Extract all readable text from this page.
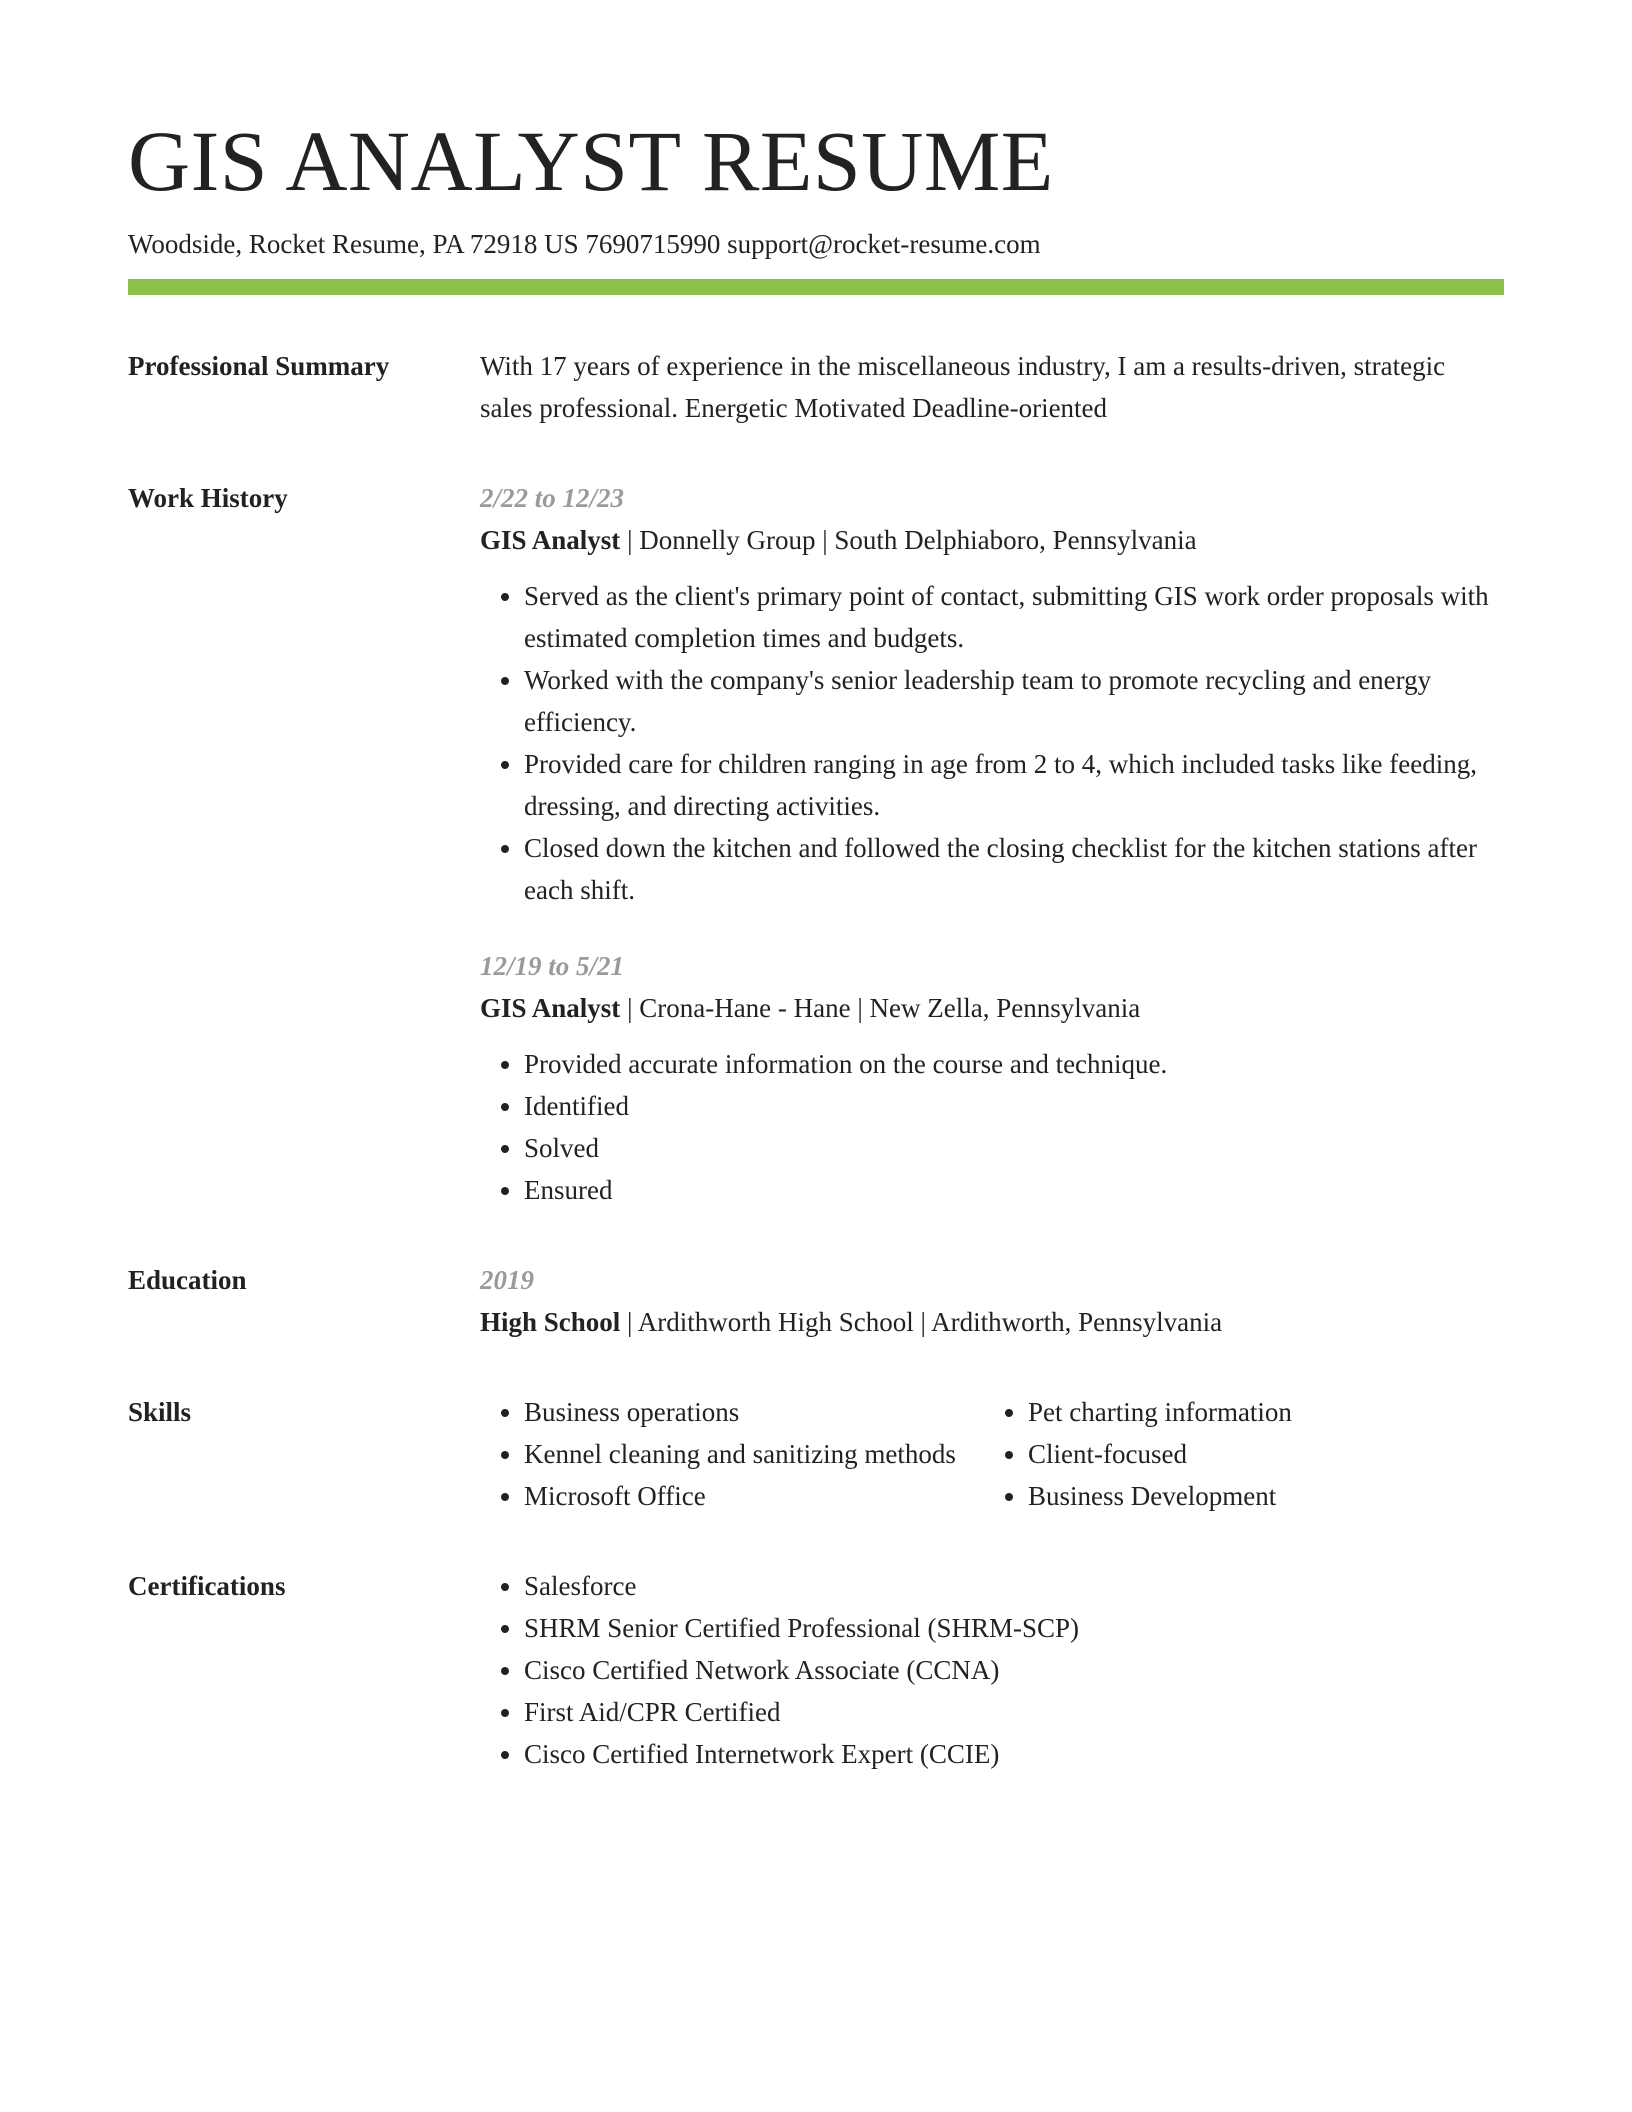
GIS ANALYST RESUME
Woodside, Rocket Resume, PA 72918 US 7690715990 support@rocket-resume.com
Professional Summary	With 17 years of experience in the miscellaneous industry, I am a results-driven, strategic sales professional. Energetic Motivated Deadline-oriented
Work History	2/22 to 12/23
GIS Analyst | Donnelly Group | South Delphiaboro, Pennsylvania
• Served as the client's primary point of contact, submitting GIS work order proposals with estimated completion times and budgets.
• Worked with the company's senior leadership team to promote recycling and energy efficiency.
• Provided care for children ranging in age from 2 to 4, which included tasks like feeding, dressing, and directing activities.
• Closed down the kitchen and followed the closing checklist for the kitchen stations after each shift.
12/19 to 5/21
GIS Analyst | Crona-Hane - Hane | New Zella, Pennsylvania
• Provided accurate information on the course and technique.
• Identified
• Solved
• Ensured
Education	2019
High School | Ardithworth High School | Ardithworth, Pennsylvania
Skills	• Business operations
• Kennel cleaning and sanitizing methods
• Microsoft Office
• Pet charting information
• Client-focused
• Business Development
Certifications	• Salesforce
• SHRM Senior Certified Professional (SHRM-SCP)
• Cisco Certified Network Associate (CCNA)
• First Aid/CPR Certified
• Cisco Certified Internetwork Expert (CCIE)
